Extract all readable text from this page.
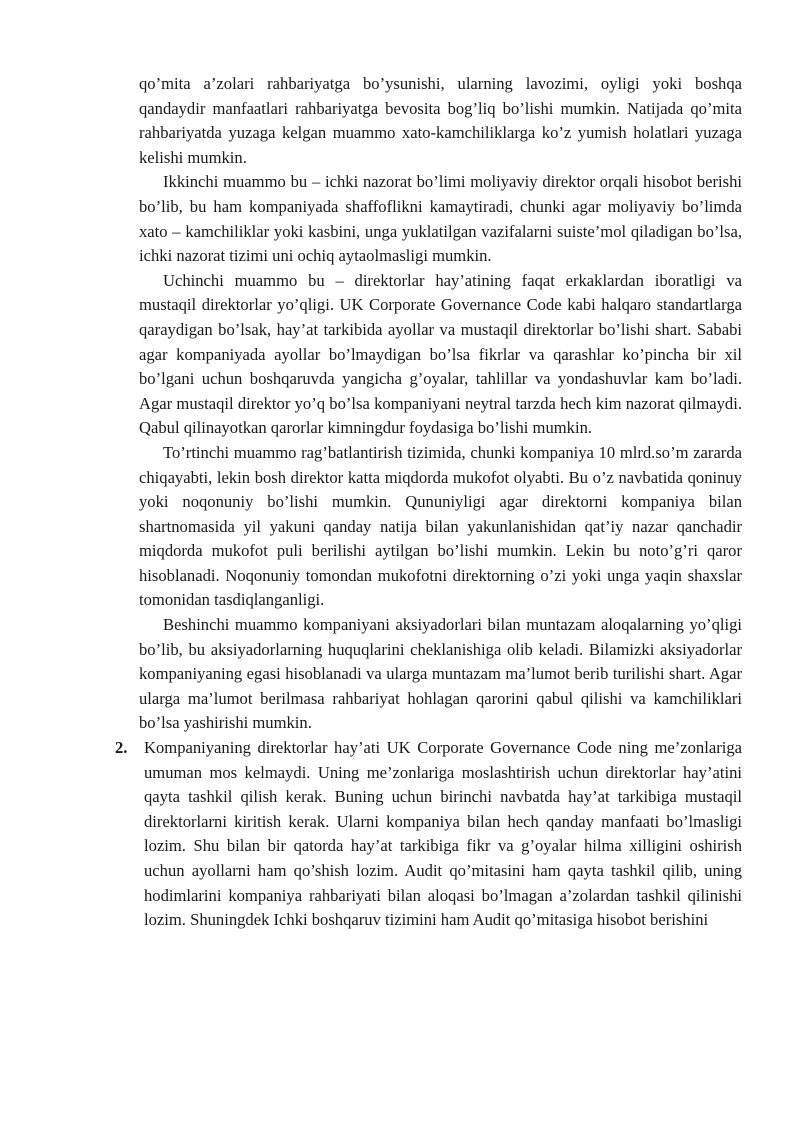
qo’mita a’zolari rahbariyatga bo’ysunishi, ularning lavozimi, oyligi yoki boshqa qandaydir manfaatlari rahbariyatga bevosita bog’liq bo’lishi mumkin. Natijada qo’mita rahbariyatda yuzaga kelgan muammo xato-kamchiliklarga ko’z yumish holatlari yuzaga kelishi mumkin.

Ikkinchi muammo bu – ichki nazorat bo’limi moliyaviy direktor orqali hisobot berishi bo’lib, bu ham kompaniyada shaffoflikni kamaytiradi, chunki agar moliyaviy bo’limda xato – kamchiliklar yoki kasbini, unga yuklatilgan vazifalarni suiste’mol qiladigan bo’lsa, ichki nazorat tizimi uni ochiq aytaolmasligi mumkin.

Uchinchi muammo bu – direktorlar hay’atining faqat erkaklardan iboratligi va mustaqil direktorlar yo’qligi. UK Corporate Governance Code kabi halqaro standartlarga qaraydigan bo’lsak, hay’at tarkibida ayollar va mustaqil direktorlar bo’lishi shart. Sababi agar kompaniyada ayollar bo’lmaydigan bo’lsa fikrlar va qarashlar ko’pincha bir xil bo’lgani uchun boshqaruvda yangicha g’oyalar, tahlillar va yondashuvlar kam bo’ladi. Agar mustaqil direktor yo’q bo’lsa kompaniyani neytral tarzda hech kim nazorat qilmaydi. Qabul qilinayotkan qarorlar kimningdur foydasiga bo’lishi mumkin.

To’rtinchi muammo rag’batlantirish tizimida, chunki kompaniya 10 mlrd.so’m zararda chiqayabti, lekin bosh direktor katta miqdorda mukofot olyabti. Bu o’z navbatida qoninuy yoki noqonuniy bo’lishi mumkin. Qununiyligi agar direktorni kompaniya bilan shartnomasida yil yakuni qanday natija bilan yakunlanishidan qat’iy nazar qanchadir miqdorda mukofot puli berilishi aytilgan bo’lishi mumkin. Lekin bu noto’g’ri qaror hisoblanadi. Noqonuniy tomondan mukofotni direktorning o’zi yoki unga yaqin shaxslar tomonidan tasdiqlanganligi.

Beshinchi muammo kompaniyani aksiyadorlari bilan muntazam aloqalarning yo’qligi bo’lib, bu aksiyadorlarning huquqlarini cheklanishiga olib keladi. Bilamizki aksiyadorlar kompaniyaning egasi hisoblanadi va ularga muntazam ma’lumot berib turilishi shart. Agar ularga ma’lumot berilmasa rahbariyat hohlagan qarorini qabul qilishi va kamchiliklari bo’lsa yashirishi mumkin.

2. Kompaniyaning direktorlar hay’ati UK Corporate Governance Code ning me’zonlariga umuman mos kelmaydi. Uning me’zonlariga moslashtirish uchun direktorlar hay’atini qayta tashkil qilish kerak. Buning uchun birinchi navbatda hay’at tarkibiga mustaqil direktorlarni kiritish kerak. Ularni kompaniya bilan hech qanday manfaati bo’lmasligi lozim. Shu bilan bir qatorda hay’at tarkibiga fikr va g’oyalar hilma xilligini oshirish uchun ayollarni ham qo’shish lozim. Audit qo’mitasini ham qayta tashkil qilib, uning hodimlarini kompaniya rahbariyati bilan aloqasi bo’lmagan a’zolardan tashkil qilinishi lozim. Shuningdek Ichki boshqaruv tizimini ham Audit qo’mitasiga hisobot berishini
